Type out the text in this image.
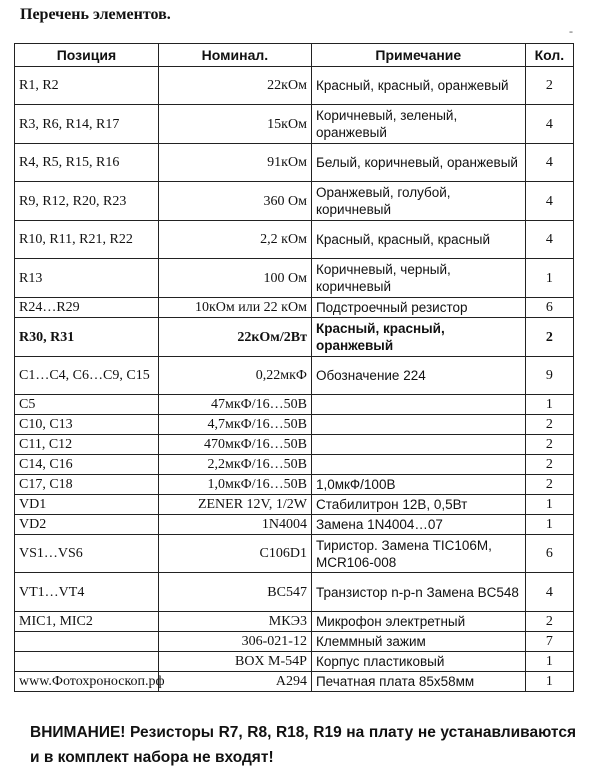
Перечень элементов.
-
Позиция	Номинал.	Примечание	Кол.
R1, R2	22кОм	Красный, красный, оранжевый	2
R3, R6, R14, R17	15кОм	Коричневый, зеленый, оранжевый	4
R4, R5, R15, R16	91кОм	Белый, коричневый, оранжевый	4
R9, R12, R20, R23	360 Ом	Оранжевый, голубой, коричневый	4
R10, R11, R21, R22	2,2 кОм	Красный, красный, красный	4
R13	100 Ом	Коричневый, черный, коричневый	1
R24…R29	10кОм или 22 кОм	Подстроечный резистор	6
R30, R31	22кОм/2Вт	Красный, красный, оранжевый	2
C1…C4, C6…C9, C15	0,22мкФ	Обозначение 224	9
C5	47мкФ/16…50В		1
C10, C13	4,7мкФ/16…50В		2
C11, C12	470мкФ/16…50В		2
C14, C16	2,2мкФ/16…50В		2
C17, C18	1,0мкФ/16…50В	1,0мкФ/100В	2
VD1	ZENER 12V, 1/2W	Стабилитрон 12В, 0,5Вт	1
VD2	1N4004	Замена 1N4004…07	1
VS1…VS6	C106D1	Тиристор. Замена TIC106M, MCR106-008	6
VT1…VT4	BC547	Транзистор n-p-n Замена BC548	4
MIC1, MIC2	МКЭ3	Микрофон электретный	2
	306-021-12	Клеммный зажим	7
	BOX M-54P	Корпус пластиковый	1
www.Фотохроноскоп.рф	A294	Печатная плата 85х58мм	1
ВНИМАНИЕ! Резисторы R7, R8, R18, R19 на плату не устанавливаются и в комплект набора не входят!
